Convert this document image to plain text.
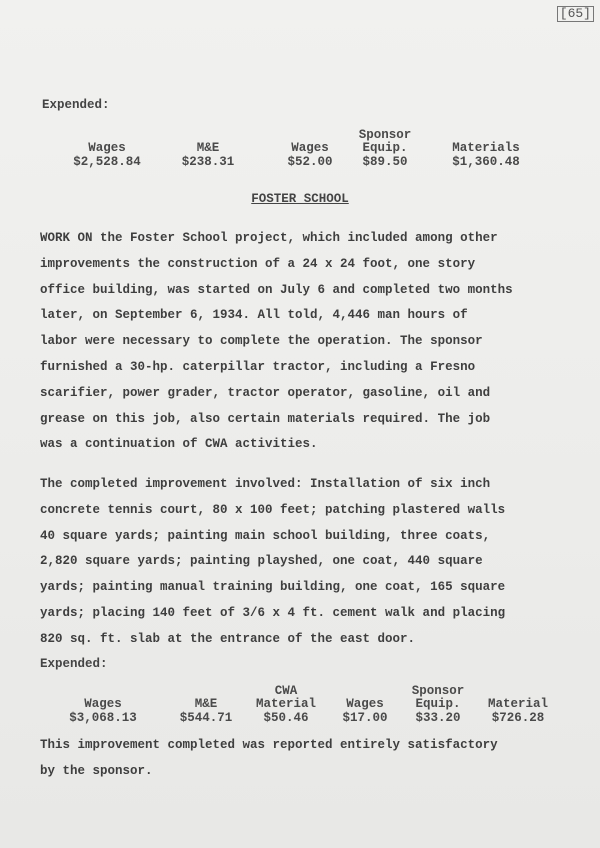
[65]
Expended:
Wages
$2,528.84
M&E
$238.31
Wages
$52.00
Sponsor
Equip.
$89.50
Materials
$1,360.48
FOSTER SCHOOL

WORK ON the Foster School project, which included among other
improvements the construction of a 24 x 24 foot, one story
office building, was started on July 6 and completed two months
later, on September 6, 1934. All told, 4,446 man hours of
labor were necessary to complete the operation. The sponsor
furnished a 30-hp. caterpillar tractor, including a Fresno
scarifier, power grader, tractor operator, gasoline, oil and
grease on this job, also certain materials required. The job
was a continuation of CWA activities.

The completed improvement involved: Installation of six inch
concrete tennis court, 80 x 100 feet; patching plastered walls
40 square yards; painting main school building, three coats,
2,820 square yards; painting playshed, one coat, 440 square
yards; painting manual training building, one coat, 165 square
yards; placing 140 feet of 3/6 x 4 ft. cement walk and placing
820 sq. ft. slab at the entrance of the east door.

Expended:
Wages
$3,068.13
M&E
$544.71
CWA
Material
$50.46
Wages
$17.00
Sponsor
Equip.
$33.20
Material
$726.28

This improvement completed was reported entirely satisfactory
by the sponsor.
